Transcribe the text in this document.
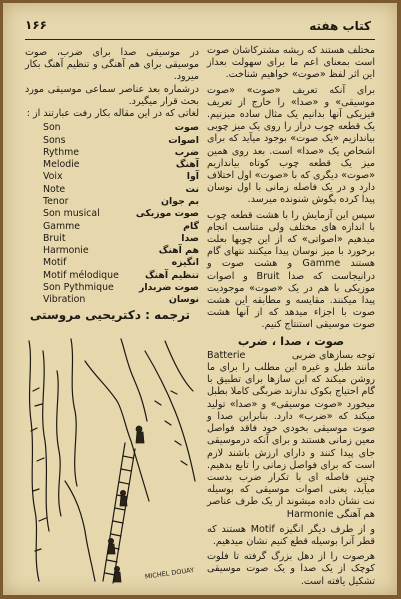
۱۶۶	کتاب هفته

مختلف هستند که ریشه مشترکاشان صوت است بمعنای اعم ما برای سهولت بعداز این اثر لفظ «صوت» خواهیم شناخت.

برای آنکه تعریف «صوت» «صوت موسیقی» و «صدا» را خارج از تعریف فیزیکی آنها بدانیم یک مثال ساده میزنیم. یک قطعه چوب دراز را روی یک میز چوبی بیاندازیم «یک صوت» بوجود میآید که برای اشخاص یک «صدا» است. بعد روی همین میز یک قطعه چوب کوتاه بیاندازیم «صوت» دیگری که با «صوت» اول اختلاف دارد و در یک فاصله زمانی با اول نوسان پیدا کرده بگوش شنونده میرسد.

سپس این آزمایش را با هشت قطعه چوب با اندازه های مختلف ولی متناسب انجام میدهیم «اصواتی» که از این چوبها بعلت برخورد با میز نوسان پیدا میکنند نتهای گام هستند Gamme و هشت صوت و درانیجاست که صدا Bruit و اصوات موزیکی با هم در یک «صوت» موجودیت پیدا میکنند. مقایسه و مطابقه این هشت صوت با اجزاء میدهد که از آنها هشت صوت موسیقی استنتاج کنیم.

صوت ، صدا ، ضرب

توجه بسازهای ضربی
Batterie

مانند طبل و غیره این مطلب را برای ما روشن میکند که این سازها برای تطبیق با گام احتیاج بکوک ندارند ضربگی کاملا بطبل میخورد «صوت موسیقی» و «صدا» تولید میکند که «ضرب» دارد. بنابراین صدا و صوت موسیقی بخودی خود فاقد فواصل معین زمانی هستند و برای آنکه درموسیقی جای پیدا کنند و دارای ارزش باشند لازم است که برای فواصل زمانی را تابع بدهیم. چنین فاصله ای با تکرار ضرب بدست میآید، یعنی اصوات موسیقی که بوسیله نت نشان داده میشوند از یک طرف عناصر هم آهنگی Harmonie

و از طرف دیگر انگیزه Motif هستند که قطر آنرا بوسیله قطع کنیم نشان میدهیم.

هرصوت را از دهل بزرگ گرفته تا فلوت کوچک از یک صدا و یک صوت موسیقی تشکیل یافته است.

در موسیقی صدا برای ضرب، صوت موسیقی برای هم آهنگی و تنظیم آهنگ بکار میرود.

درشماره بعد عناصر سماعی موسیقی مورد بحث قرار میگیرد.

لغاتی که در این مقاله بکار رفت عبارتند از :

صوت
Son
اصوات
Sons
ضرب
Rythme
آهنگ
Melodie
آوا
Voix
نت
Note
بم جوان
Tenor
صوت موزیکی
Son musical
گام
Gamme
صدا
Bruit
هم آهنگ
Harmonie
انگیزه
Motif
تنظیم آهنگ
Motif mélodique
صوت ضربدار
Son Pythmique
نوسان
Vibration
ترجمه : دکتریحیی مروستی
MICHEL DOUAY
